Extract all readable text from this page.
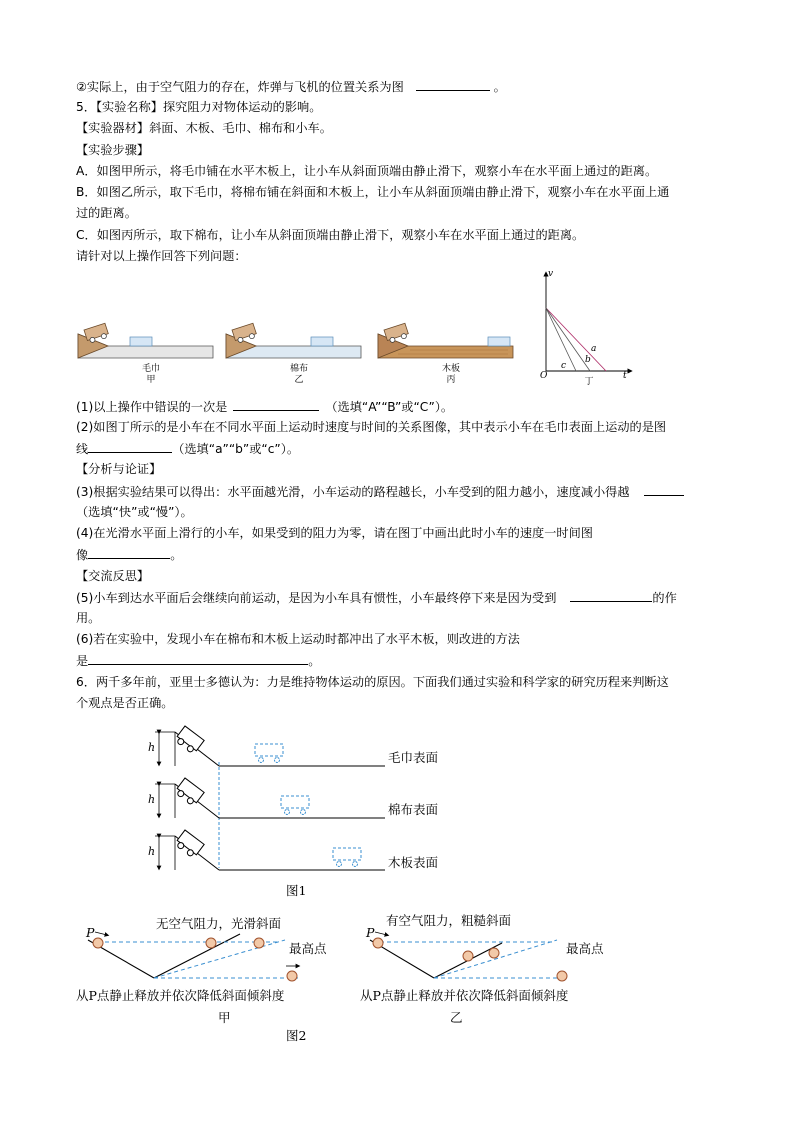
②实际上，由于空气阻力的存在，炸弹与飞机的位置关系为图	。
5．【实验名称】探究阻力对物体运动的影响。
【实验器材】斜面、木板、毛巾、棉布和小车。
【实验步骤】
A．如图甲所示，将毛巾铺在水平木板上，让小车从斜面顶端由静止滑下，观察小车在水平面上通过的距离。
B．如图乙所示，取下毛巾，将棉布铺在斜面和木板上，让小车从斜面顶端由静止滑下，观察小车在水平面上通
过的距离。
C．如图丙所示，取下棉布，让小车从斜面顶端由静止滑下，观察小车在水平面上通过的距离。
请针对以上操作回答下列问题：
毛巾
甲
棉布
乙
木板
丙
v
t
O
a
b
c
丁
(1)以上操作中错误的一次是	（选填“A”“B”或“C”）。
(2)如图丁所示的是小车在不同水平面上运动时速度与时间的关系图像，其中表示小车在毛巾表面上运动的是图
线	（选填“a”“b”或“c”）。
【分析与论证】
(3)根据实验结果可以得出：水平面越光滑，小车运动的路程越长，小车受到的阻力越小，速度减小得越
（选填“快”或“慢”）。
(4)在光滑水平面上滑行的小车，如果受到的阻力为零，请在图丁中画出此时小车的速度一时间图
像	。
【交流反思】
(5)小车到达水平面后会继续向前运动，是因为小车具有惯性，小车最终停下来是因为受到	的作
用。
(6)若在实验中，发现小车在棉布和木板上运动时都冲出了水平木板，则改进的方法
是	。
6．两千多年前，亚里士多德认为：力是维持物体运动的原因。下面我们通过实验和科学家的研究历程来判断这
个观点是否正确。
h
h
h
毛巾表面
棉布表面
木板表面
图1
无空气阻力，光滑斜面	有空气阻力，粗糙斜面
P
最高点
P
最高点
从P点静止释放并依次降低斜面倾斜度	从P点静止释放并依次降低斜面倾斜度
甲	乙
图2
